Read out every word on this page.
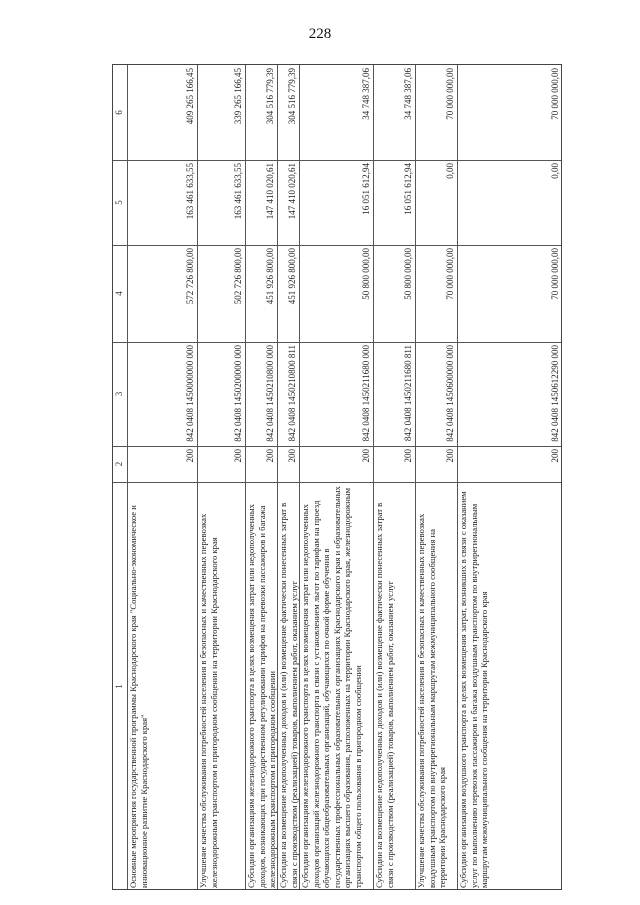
228
6
5
4
3
2
1
409 265 166,45
163 461 633,55
572 726 800,00
842 0408 1450000000 000
200
Основные мероприятия государственной программы Краснодарского края "Социально-экономическое и инновационное развитие Краснодарского края"
339 265 166,45
163 461 633,55
502 726 800,00
842 0408 1450200000 000
200
Улучшение качества обслуживания потребностей населения в безопасных и качественных перевозках железнодорожным транспортом в пригородном сообщении на территории Краснодарского края
304 516 779,39
147 410 020,61
451 926 800,00
842 0408 1450210800 000
200
Субсидии организациям железнодорожного транспорта в целях возмещения затрат или недополученных доходов, возникающих при государственном регулировании тарифов на перевозки пассажиров и багажа железнодорожным транспортом в пригородном сообщении
304 516 779,39
147 410 020,61
451 926 800,00
842 0408 1450210800 811
200
Субсидии на возмещение недополученных доходов и (или) возмещение фактически понесенных затрат в связи с производством (реализацией) товаров, выполнением работ, оказанием услуг
34 748 387,06
16 051 612,94
50 800 000,00
842 0408 1450211680 000
200
Субсидии организациям железнодорожного транспорта в целях возмещения затрат или недополученных доходов организаций железнодорожного транспорта в связи с установлением льгот по тарифам на проезд обучающихся общеобразовательных организаций, обучающихся по очной форме обучения в государственных профессиональных образовательных организациях Краснодарского края и образовательных организациях высшего образования, расположенных на территории Краснодарского края, железнодорожным транспортом общего пользования в пригородном сообщении
34 748 387,06
16 051 612,94
50 800 000,00
842 0408 1450211680 811
200
Субсидии на возмещение недополученных доходов и (или) возмещение фактически понесенных затрат в связи с производством (реализацией) товаров, выполнением работ, оказанием услуг
70 000 000,00
0,00
70 000 000,00
842 0408 1450600000 000
200
Улучшение качества обслуживания потребностей населения в безопасных и качественных перевозках воздушным транспортом по внутрирегиональным маршрутам межмуниципального сообщения на территории Краснодарского края
70 000 000,00
0,00
70 000 000,00
842 0408 1450612290 000
200
Субсидии организациям воздушного транспорта в целях возмещения затрат, возникших в связи с оказанием услуг по выполнению перевозок пассажиров и багажа воздушным транспортом по внутрирегиональным маршрутам межмуниципального сообщения на территории Краснодарского края
